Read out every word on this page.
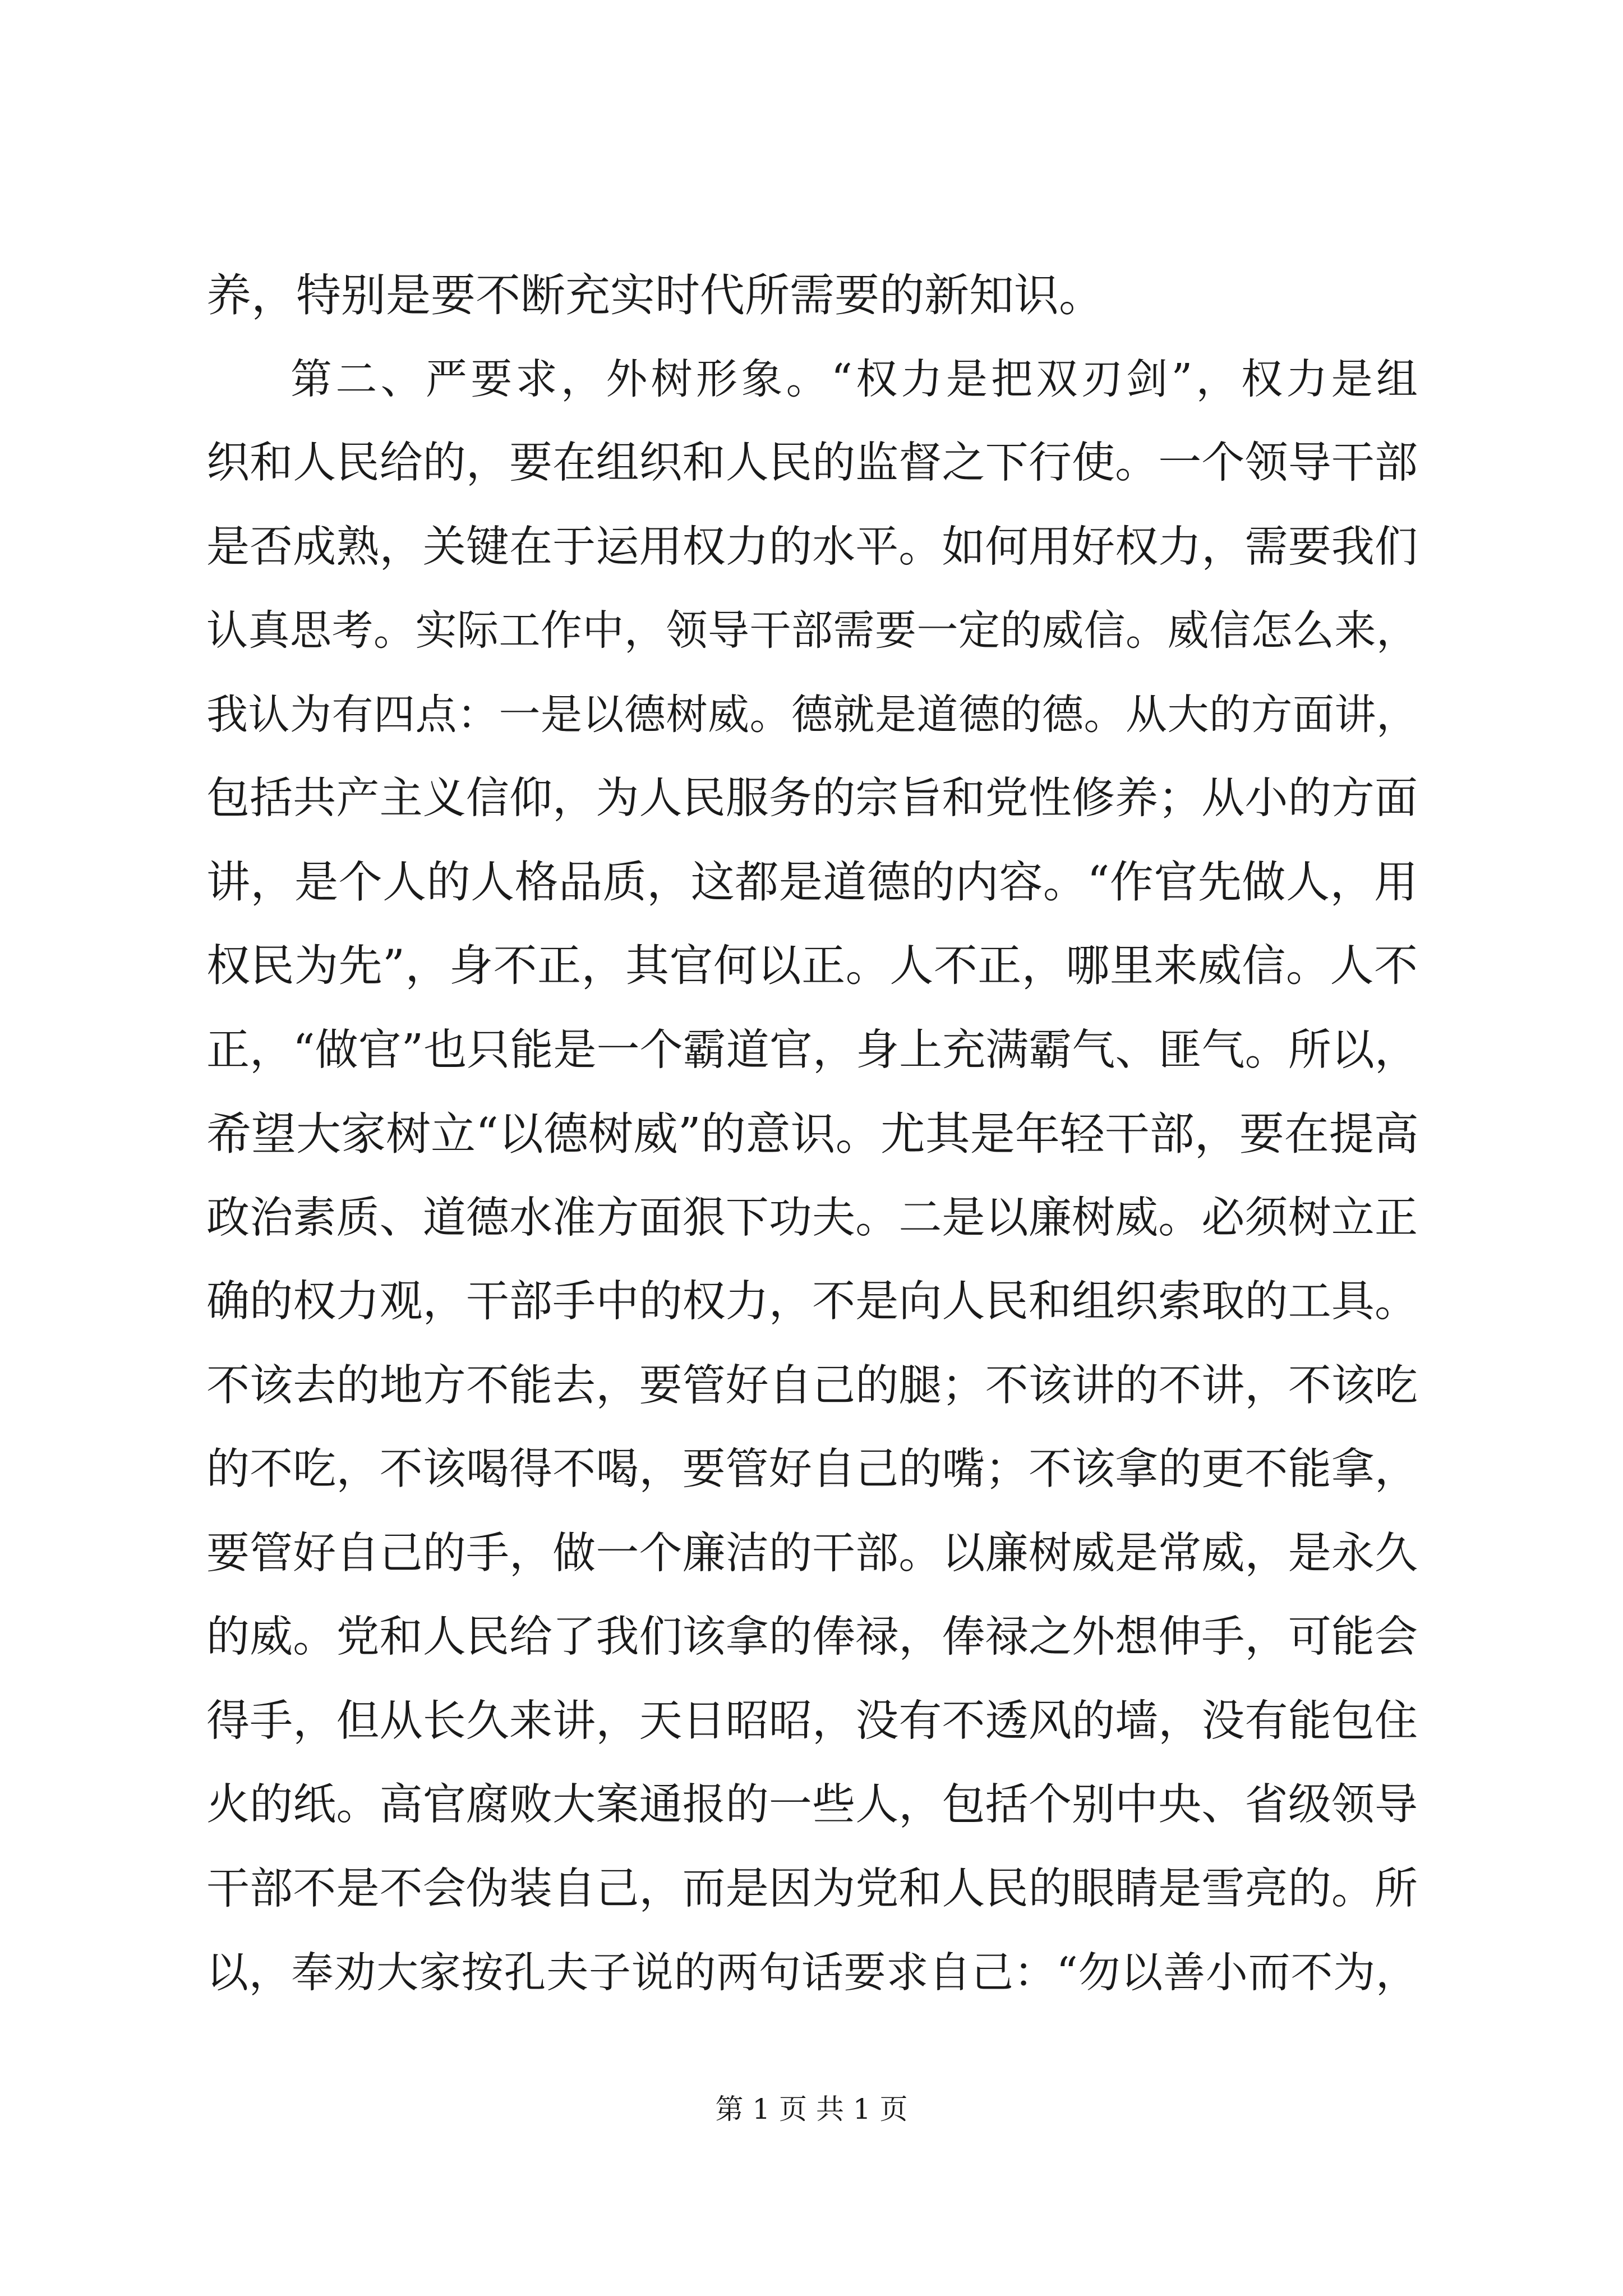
养，特别是要不断充实时代所需要的新知识。
第二、严要求，外树形象。“权力是把双刃剑”，权力是组
织和人民给的，要在组织和人民的监督之下行使。一个领导干部
是否成熟，关键在于运用权力的水平。如何用好权力，需要我们
认真思考。实际工作中，领导干部需要一定的威信。威信怎么来，
我认为有四点：一是以德树威。德就是道德的德。从大的方面讲，
包括共产主义信仰，为人民服务的宗旨和党性修养；从小的方面
讲，是个人的人格品质，这都是道德的内容。“作官先做人，用
权民为先”，身不正，其官何以正。人不正，哪里来威信。人不
正，“做官”也只能是一个霸道官，身上充满霸气、匪气。所以，
希望大家树立“以德树威”的意识。尤其是年轻干部，要在提高
政治素质、道德水准方面狠下功夫。二是以廉树威。必须树立正
确的权力观，干部手中的权力，不是向人民和组织索取的工具。
不该去的地方不能去，要管好自己的腿；不该讲的不讲，不该吃
的不吃，不该喝得不喝，要管好自己的嘴；不该拿的更不能拿，
要管好自己的手，做一个廉洁的干部。以廉树威是常威，是永久
的威。党和人民给了我们该拿的俸禄，俸禄之外想伸手，可能会
得手，但从长久来讲，天日昭昭，没有不透风的墙，没有能包住
火的纸。高官腐败大案通报的一些人，包括个别中央、省级领导
干部不是不会伪装自己，而是因为党和人民的眼睛是雪亮的。所
以，奉劝大家按孔夫子说的两句话要求自己：“勿以善小而不为，
第 1 页 共 1 页
